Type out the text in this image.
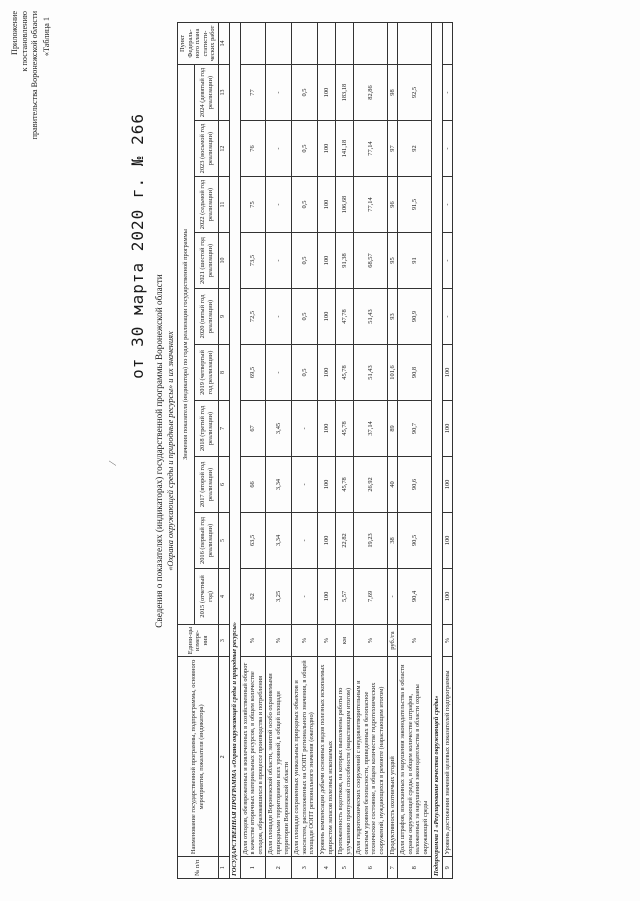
Приложение к постановлению правительства Воронежской области «Таблица 1
от 30 марта 2020 г. № 266
⁄	Сведения о показателях (индикаторах) государственной программы Воронежской области «Охрана окружающей среды и природные ресурсы» и их значениях
№ п/п	Наименование государственной программы, подпрограммы, основного мероприятия, показателя (индикатора)	Едини-цы измере-ния	Значения показателя (индикатора) по годам реализации государственной программы										Пункт Федераль-ного плана статисти-ческих работ
			2015 (отчетный год)	2016 (первый год реализации)	2017 (второй год реализации)	2018 (третий год реализации)	2019 (четвертый год реализации)	2020 (пятый год реализации)	2021 (шестой год реализации)	2022 (седьмой год реализации)	2023 (восьмой год реализации)	2024 (девятый год реализации)	
1	2	3	4	5	6	7	8	9	10	11	12	13	14
ГОСУДАРСТВЕННАЯ ПРОГРАММА «Охрана окружающей среды и природные ресурсы»													
1	Доля отходов, обезвреженных и вовлеченных в хозяйственный оборот в качестве вторичных материальных ресурсов, в общем количестве отходов, образовавшихся в процессе производства и потребления	%	62	63,5	66	67	69,5	72,5	73,5	75	76	77	
2	Доля площади Воронежской области, занятой особо охраняемыми природными территориями всех уровней, в общей площади территории Воронежской области	%	3,25	3,34	3,34	3,45	-	-	-	-	-	-	
3	Доля площади сохраненных уникальных природных объектов и экосистем, расположенных на ООПТ регионального значения, в общей площади ООПТ регионального значения (ежегодно)	%	-	-	-	-	0,5	0,5	0,5	0,5	0,5	0,5	
4	Уровень компенсации добычи основных видов полезных ископаемых приростом запасов полезных ископаемых	%	100	100	100	100	100	100	100	100	100	100	
5	Протяженность водотоков, на которых выполнены работы по улучшению пропускной способности (нарастающим итогом)	км	5,57	22,82	45,78	45,78	45,78	47,78	91,38	106,68	141,18	183,18	
6	Доля гидротехнических сооружений с неудовлетворительным и опасным уровнем безопасности, приведенных в безопасное техническое состояние, в общем количестве гидротехнических сооружений, нуждающихся в ремонте (нарастающим итогом)	%	7,69	19,23	26,92	37,14	51,43	51,43	68,57	77,14	77,14	82,86	
7	Продуктивность охотничьих угодий	руб./га	-	38	40	89	101,6	93	95	96	97	98	
8	Доля штрафов, взысканных за нарушения законодательства в области охраны окружающей среды, в общем количестве штрафов, наложенных за нарушения законодательства в области охраны окружающей среды	%	90,4	90,5	90,6	90,7	90,8	90,9	91	91,5	92	92,5	
Подпрограмма 1 «Регулирование качества окружающей среды»													
9	Уровень достижения значений целевых показателей подпрограммы	%	100	100	100	100	100	-	-	-	-	-	
